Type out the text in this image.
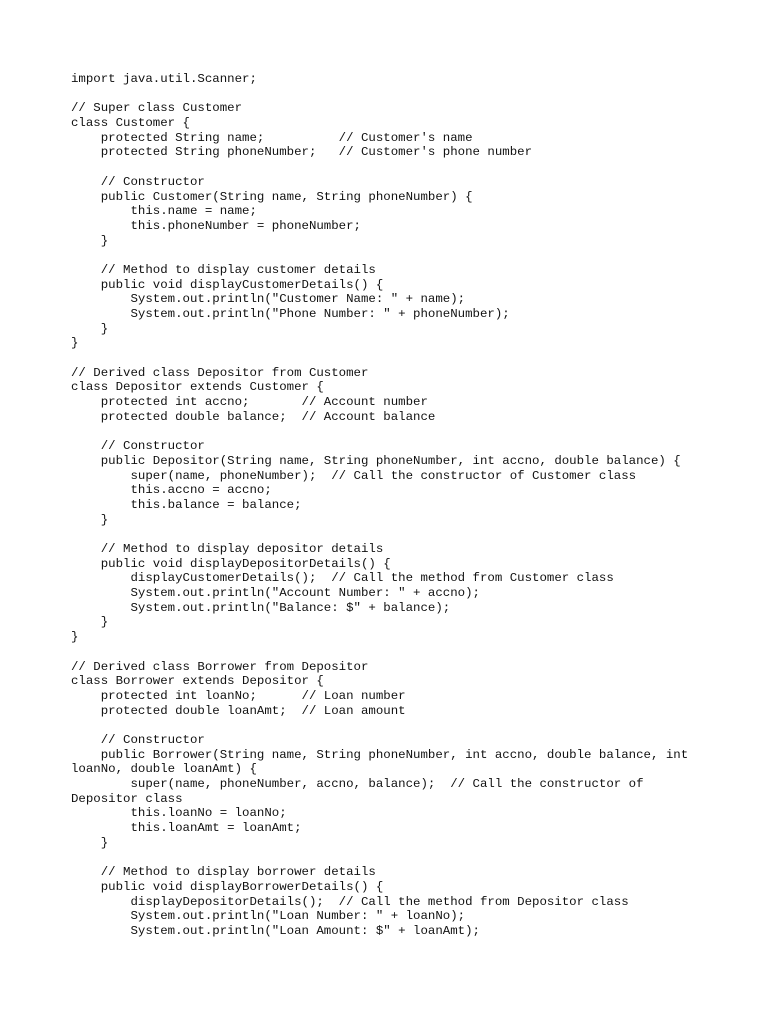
import java.util.Scanner;
// Super class Customer
class Customer {
protected String name;          // Customer's name
protected String phoneNumber;   // Customer's phone number
// Constructor
public Customer(String name, String phoneNumber) {
this.name = name;
this.phoneNumber = phoneNumber;
}
// Method to display customer details
public void displayCustomerDetails() {
System.out.println("Customer Name: " + name);
System.out.println("Phone Number: " + phoneNumber);
}
}
// Derived class Depositor from Customer
class Depositor extends Customer {
protected int accno;       // Account number
protected double balance;  // Account balance
// Constructor
public Depositor(String name, String phoneNumber, int accno, double balance) {
super(name, phoneNumber);  // Call the constructor of Customer class
this.accno = accno;
this.balance = balance;
}
// Method to display depositor details
public void displayDepositorDetails() {
displayCustomerDetails();  // Call the method from Customer class
System.out.println("Account Number: " + accno);
System.out.println("Balance: $" + balance);
}
}
// Derived class Borrower from Depositor
class Borrower extends Depositor {
protected int loanNo;      // Loan number
protected double loanAmt;  // Loan amount
// Constructor
public Borrower(String name, String phoneNumber, int accno, double balance, int
loanNo, double loanAmt) {
super(name, phoneNumber, accno, balance);  // Call the constructor of
Depositor class
this.loanNo = loanNo;
this.loanAmt = loanAmt;
}
// Method to display borrower details
public void displayBorrowerDetails() {
displayDepositorDetails();  // Call the method from Depositor class
System.out.println("Loan Number: " + loanNo);
System.out.println("Loan Amount: $" + loanAmt);
